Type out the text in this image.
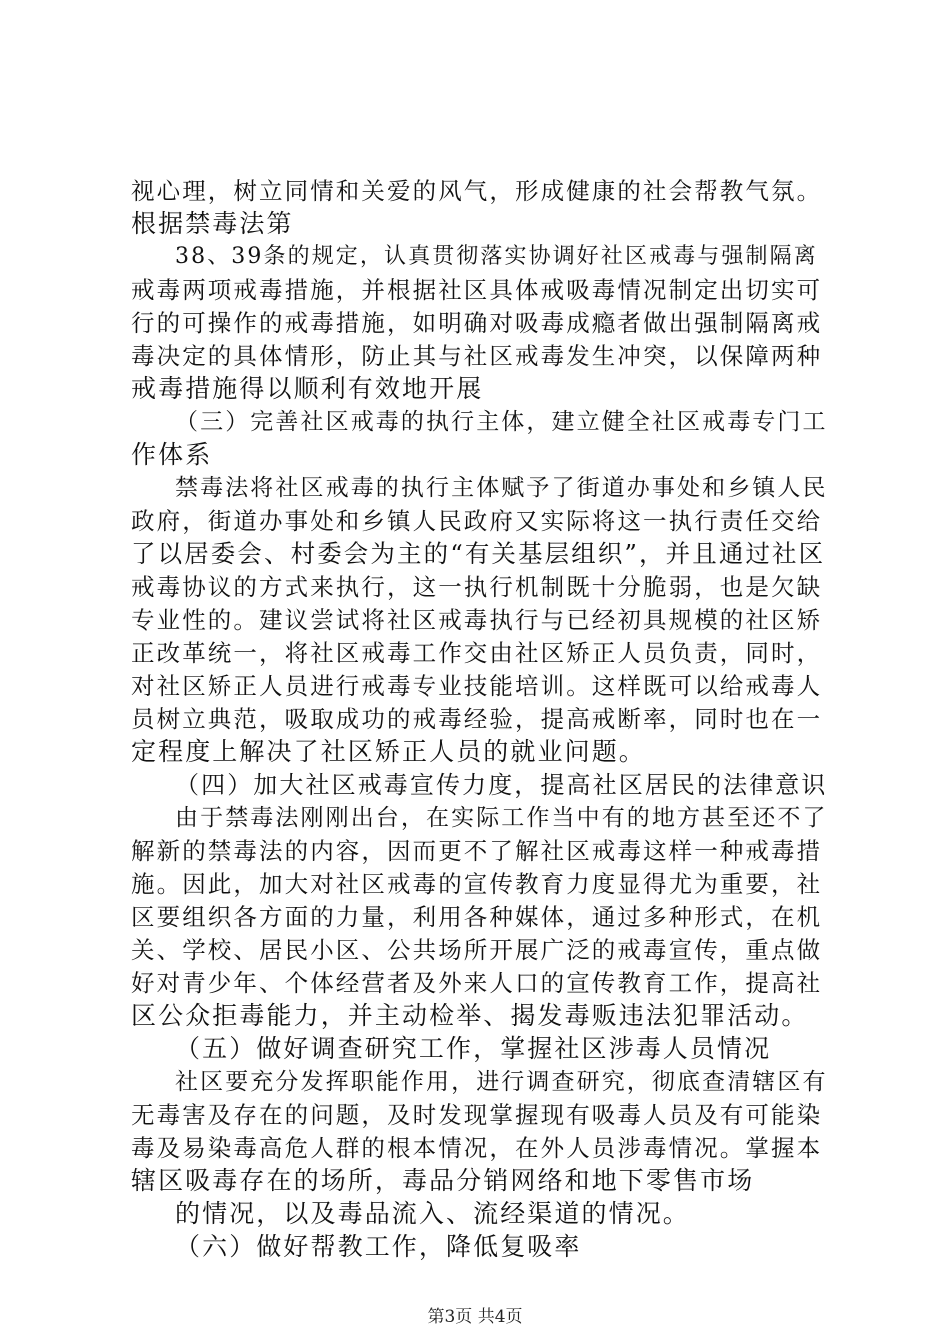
视心理，树立同情和关爱的风气，形成健康的社会帮教气氛。
根据禁毒法第
38、39条的规定，认真贯彻落实协调好社区戒毒与强制隔离
戒毒两项戒毒措施，并根据社区具体戒吸毒情况制定出切实可
行的可操作的戒毒措施，如明确对吸毒成瘾者做出强制隔离戒
毒决定的具体情形，防止其与社区戒毒发生冲突，以保障两种
戒毒措施得以顺利有效地开展
（三）完善社区戒毒的执行主体，建立健全社区戒毒专门工
作体系
禁毒法将社区戒毒的执行主体赋予了街道办事处和乡镇人民
政府，街道办事处和乡镇人民政府又实际将这一执行责任交给
了以居委会、村委会为主的“有关基层组织”，并且通过社区
戒毒协议的方式来执行，这一执行机制既十分脆弱，也是欠缺
专业性的。建议尝试将社区戒毒执行与已经初具规模的社区矫
正改革统一，将社区戒毒工作交由社区矫正人员负责，同时，
对社区矫正人员进行戒毒专业技能培训。这样既可以给戒毒人
员树立典范，吸取成功的戒毒经验，提高戒断率，同时也在一
定程度上解决了社区矫正人员的就业问题。
（四）加大社区戒毒宣传力度，提高社区居民的法律意识
由于禁毒法刚刚出台，在实际工作当中有的地方甚至还不了
解新的禁毒法的内容，因而更不了解社区戒毒这样一种戒毒措
施。因此，加大对社区戒毒的宣传教育力度显得尤为重要，社
区要组织各方面的力量，利用各种媒体，通过多种形式，在机
关、学校、居民小区、公共场所开展广泛的戒毒宣传，重点做
好对青少年、个体经营者及外来人口的宣传教育工作，提高社
区公众拒毒能力，并主动检举、揭发毒贩违法犯罪活动。
（五）做好调查研究工作，掌握社区涉毒人员情况
社区要充分发挥职能作用，进行调查研究，彻底查清辖区有
无毒害及存在的问题，及时发现掌握现有吸毒人员及有可能染
毒及易染毒高危人群的根本情况，在外人员涉毒情况。掌握本
辖区吸毒存在的场所，毒品分销网络和地下零售市场
的情况，以及毒品流入、流经渠道的情况。
（六）做好帮教工作，降低复吸率
第3页 共4页
